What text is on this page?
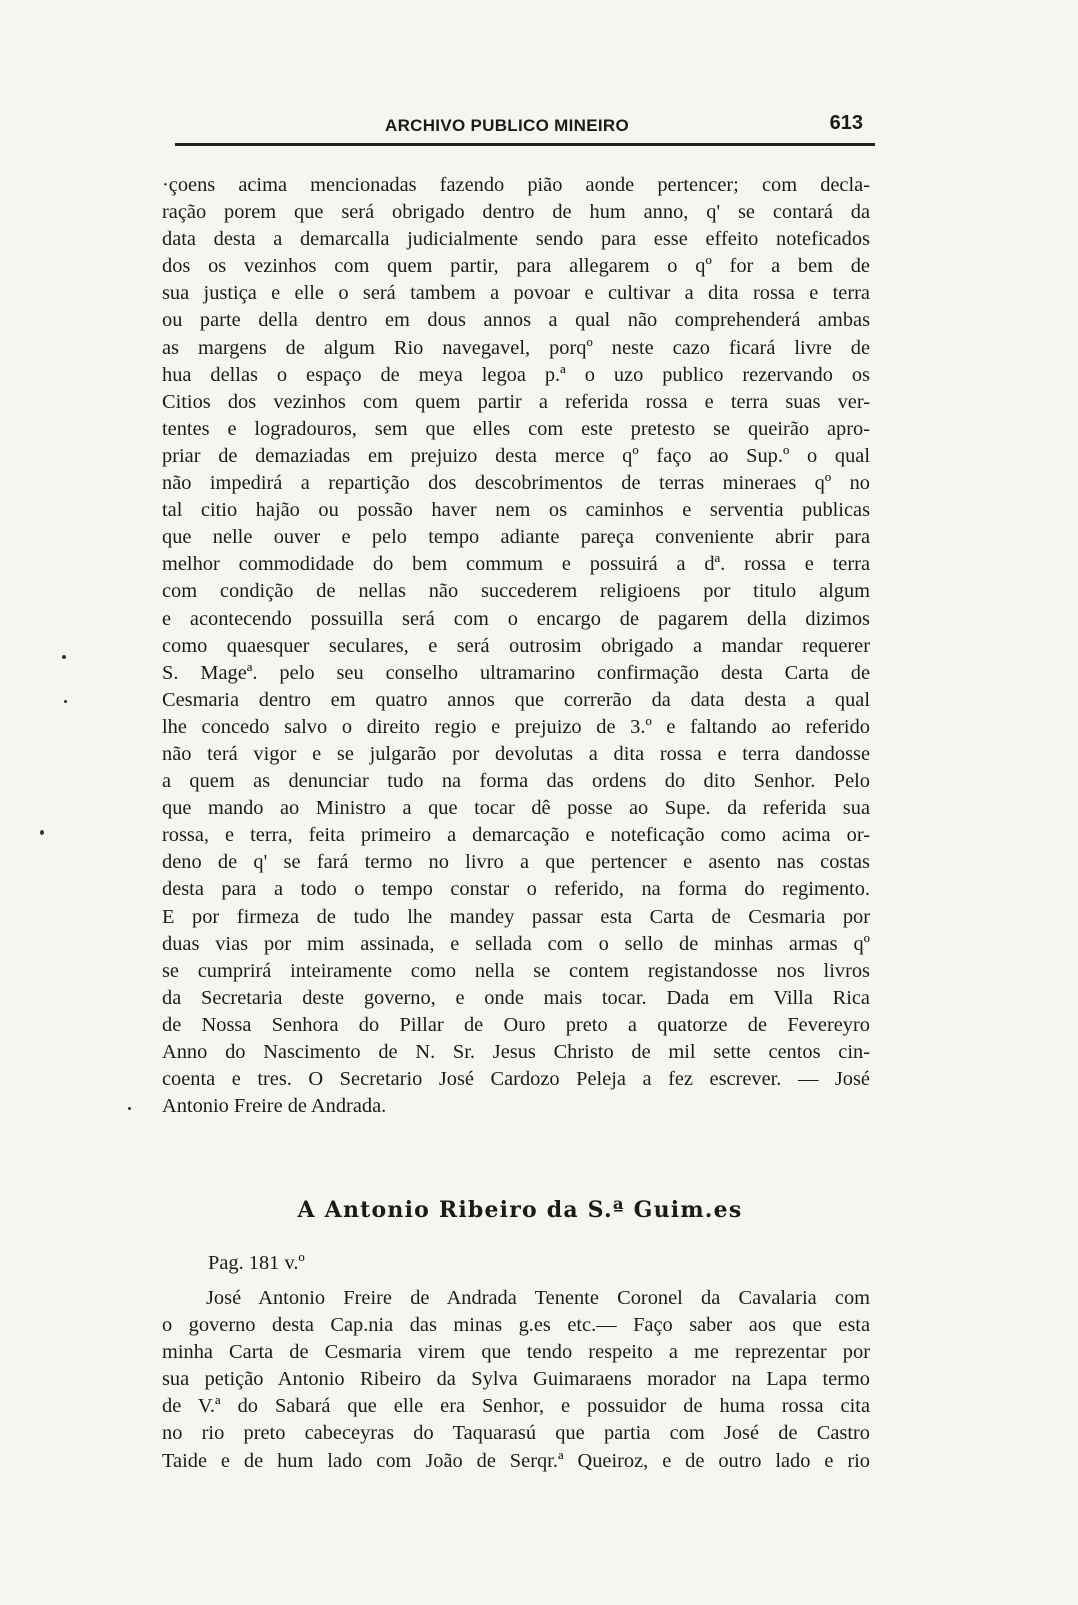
ARCHIVO PUBLICO MINEIRO	613
·çoens acima mencionadas fazendo pião aonde pertencer; com decla-
ração porem que será obrigado dentro de hum anno, q' se contará da
data desta a demarcalla judicialmente sendo para esse effeito noteficados
dos os vezinhos com quem partir, para allegarem o qº for a bem de
sua justiça e elle o será tambem a povoar e cultivar a dita rossa e terra
ou parte della dentro em dous annos a qual não comprehenderá ambas
as margens de algum Rio navegavel, porqº neste cazo ficará livre de
hua dellas o espaço de meya legoa p.ª o uzo publico rezervando os
Citios dos vezinhos com quem partir a referida rossa e terra suas ver-
tentes e logradouros, sem que elles com este pretesto se queirão apro-
priar de demaziadas em prejuizo desta merce qº faço ao Sup.º o qual
não impedirá a repartição dos descobrimentos de terras mineraes qº no
tal citio hajão ou possão haver nem os caminhos e serventia publicas
que nelle ouver e pelo tempo adiante pareça conveniente abrir para
melhor commodidade do bem commum e possuirá a dª. rossa e terra
com condição de nellas não succederem religioens por titulo algum
e acontecendo possuilla será com o encargo de pagarem della dizimos
como quaesquer seculares, e será outrosim obrigado a mandar requerer
S. Mageª. pelo seu conselho ultramarino confirmação desta Carta de
Cesmaria dentro em quatro annos que correrão da data desta a qual
lhe concedo salvo o direito regio e prejuizo de 3.º e faltando ao referido
não terá vigor e se julgarão por devolutas a dita rossa e terra dandosse
a quem as denunciar tudo na forma das ordens do dito Senhor. Pelo
que mando ao Ministro a que tocar dê posse ao Supe. da referida sua
rossa, e terra, feita primeiro a demarcação e noteficação como acima or-
deno de q' se fará termo no livro a que pertencer e asento nas costas
desta para a todo o tempo constar o referido, na forma do regimento.
E por firmeza de tudo lhe mandey passar esta Carta de Cesmaria por
duas vias por mim assinada, e sellada com o sello de minhas armas qº
se cumprirá inteiramente como nella se contem registandosse nos livros
da Secretaria deste governo, e onde mais tocar. Dada em Villa Rica
de Nossa Senhora do Pillar de Ouro preto a quatorze de Fevereyro
Anno do Nascimento de N. Sr. Jesus Christo de mil sette centos cin-
coenta e tres. O Secretario José Cardozo Peleja a fez escrever. — José
Antonio Freire de Andrada.
A Antonio Ribeiro da S.ª Guim.es
Pag. 181 v.º
José Antonio Freire de Andrada Tenente Coronel da Cavalaria com
o governo desta Cap.nia das minas g.es etc.— Faço saber aos que esta
minha Carta de Cesmaria virem que tendo respeito a me reprezentar por
sua petição Antonio Ribeiro da Sylva Guimaraens morador na Lapa termo
de V.ª do Sabará que elle era Senhor, e possuidor de huma rossa cita
no rio preto cabeceyras do Taquarasú que partia com José de Castro
Taide e de hum lado com João de Serqr.ª Queiroz, e de outro lado e rio
